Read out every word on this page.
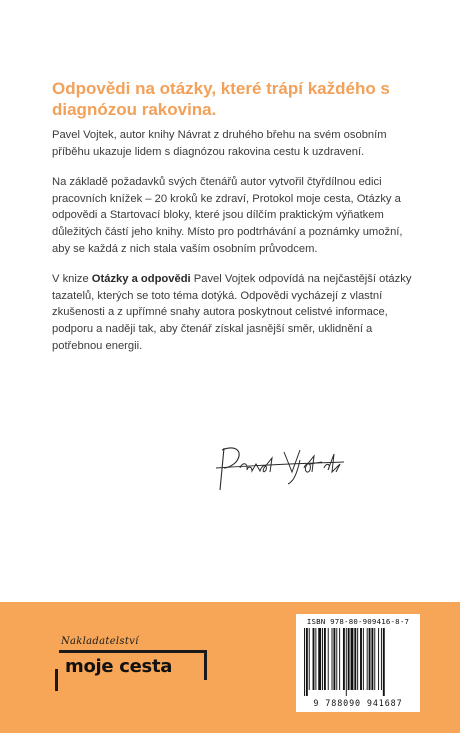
Odpovědi na otázky, které trápí každého s diagnózou rakovina.

Pavel Vojtek, autor knihy Návrat z druhého břehu na svém osobním příběhu ukazuje lidem s diagnózou rakovina cestu k uzdravení.

Na základě požadavků svých čtenářů autor vytvořil čtyřdílnou edici pracovních knížek – 20 kroků ke zdraví, Protokol moje cesta, Otázky a odpovědi a Startovací bloky, které jsou dílčím praktickým výňatkem důležitých částí jeho knihy. Místo pro podtrhávání a poznámky umožní, aby se každá z nich stala vaším osobním průvodcem.

V knize Otázky a odpovědi Pavel Vojtek odpovídá na nejčastější otázky tazatelů, kterých se toto téma dotýká. Odpovědi vycházejí z vlastní zkušenosti a z upřímné snahy autora poskytnout celistvé informace, podporu a naději tak, aby čtenář získal jasnější směr, uklidnění a potřebnou energii.

Nakladatelství
moje cesta
ISBN 978-80-909416-8-7
9 788090 941687
